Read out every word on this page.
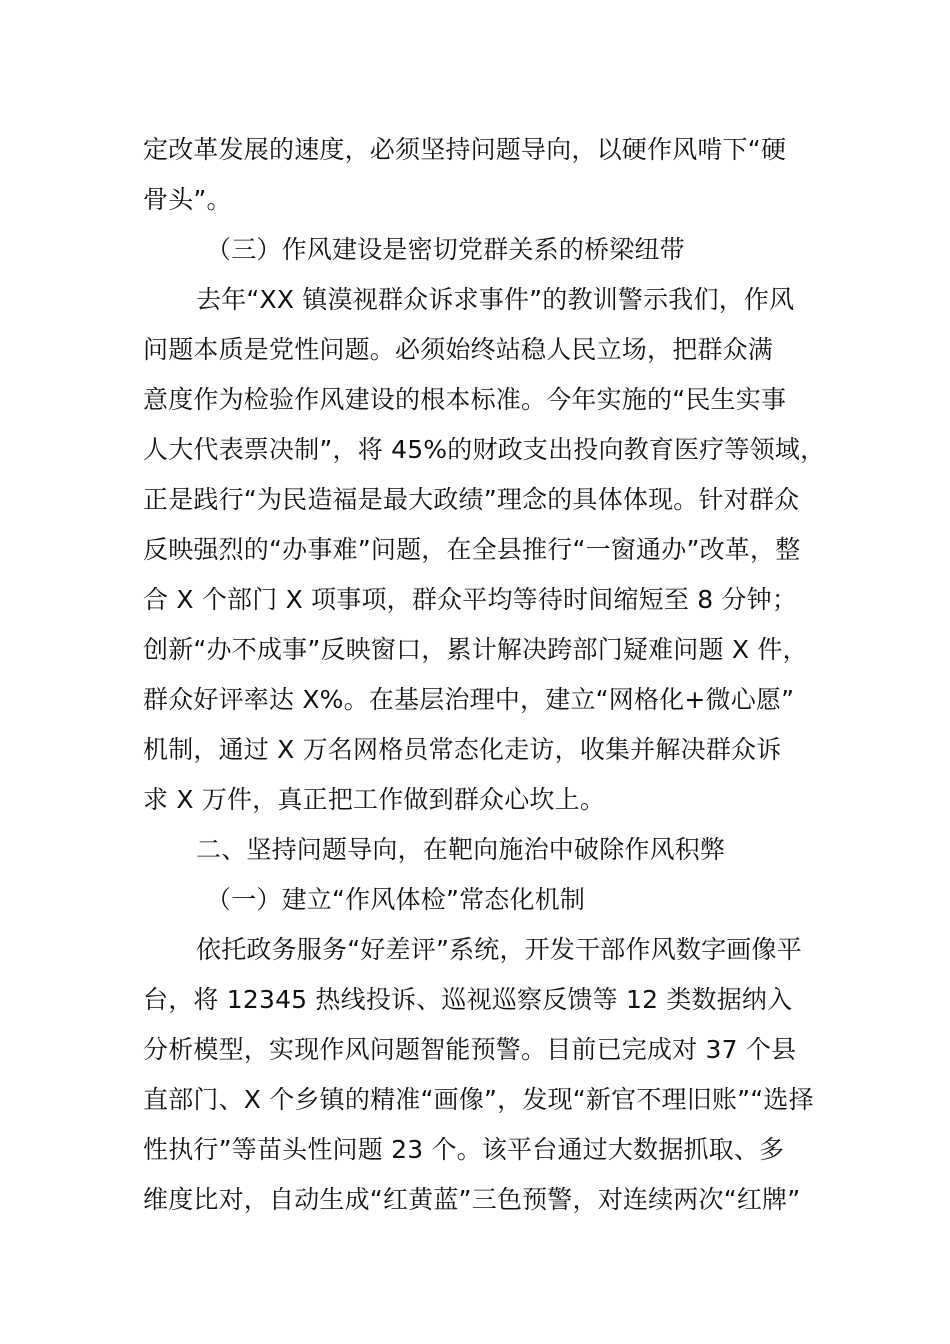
定改革发展的速度，必须坚持问题导向，以硬作风啃下“硬
骨头”。
（三）作风建设是密切党群关系的桥梁纽带
去年“XX 镇漠视群众诉求事件”的教训警示我们，作风
问题本质是党性问题。必须始终站稳人民立场，把群众满
意度作为检验作风建设的根本标准。今年实施的“民生实事
人大代表票决制”，将 45%的财政支出投向教育医疗等领域，
正是践行“为民造福是最大政绩”理念的具体体现。针对群众
反映强烈的“办事难”问题，在全县推行“一窗通办”改革，整
合 X 个部门 X 项事项，群众平均等待时间缩短至 8 分钟；
创新“办不成事”反映窗口，累计解决跨部门疑难问题 X 件，
群众好评率达 X%。在基层治理中，建立“网格化+微心愿”
机制，通过 X 万名网格员常态化走访，收集并解决群众诉
求 X 万件，真正把工作做到群众心坎上。
二、坚持问题导向，在靶向施治中破除作风积弊
（一）建立“作风体检”常态化机制
依托政务服务“好差评”系统，开发干部作风数字画像平
台，将 12345 热线投诉、巡视巡察反馈等 12 类数据纳入
分析模型，实现作风问题智能预警。目前已完成对 37 个县
直部门、X 个乡镇的精准“画像”，发现“新官不理旧账”“选择
性执行”等苗头性问题 23 个。该平台通过大数据抓取、多
维度比对，自动生成“红黄蓝”三色预警，对连续两次“红牌”
